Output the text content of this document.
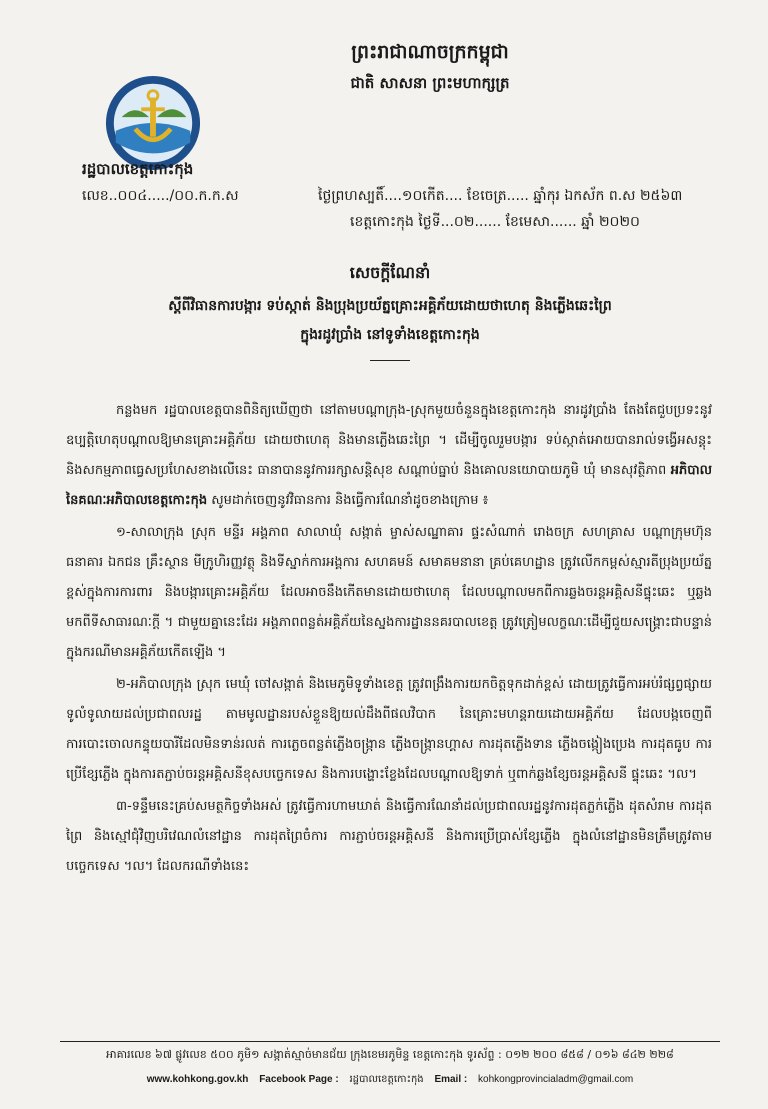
ព្រះរាជាណាចក្រកម្ពុជា
ជាតិ សាសនា ព្រះមហាក្សត្រ
រដ្ឋបាលខេត្តកោះកុង
លេខ..០០៤...../០០.ក.ក.ស	ថ្ងៃព្រហស្បតិ៍....១០កើត.... ខែចេត្រ..... ឆ្នាំកុរ ឯកស័ក ព.ស ២៥៦៣
ខេត្តកោះកុង ថ្ងៃទី...០២...... ខែមេសា...... ឆ្នាំ ២០២០
សេចក្តីណែនាំ
ស្តីពីវិធានការបង្ការ ទប់ស្កាត់ និងប្រុងប្រយ័ត្នគ្រោះអគ្គិភ័យដោយថាហេតុ និងភ្លើងឆេះព្រៃ
ក្នុងរដូវប្រាំង នៅទូទាំងខេត្តកោះកុង

កន្លងមក រដ្ឋបាលខេត្តបានពិនិត្យឃើញថា នៅតាមបណ្តាក្រុង-ស្រុកមួយចំនួនក្នុងខេត្តកោះកុង នារដូវប្រាំង តែងតែជួបប្រទះនូវឧប្បត្តិហេតុបណ្តាលឱ្យមានគ្រោះអគ្គិភ័យ ដោយថាហេតុ និងមានភ្លើងឆេះព្រៃ ។ ដើម្បីចូលរួមបង្ការ ទប់ស្កាត់អោយបានរាល់ទង្វើអសន្តុះ និងសកម្មភាពធ្វេសប្រហែសខាងលើនេះ ធានាបាននូវការរក្សាសន្តិសុខ សណ្តាប់ធ្នាប់ និងគោលនយោបាយភូមិ ឃុំ មានសុវត្ថិភាព អភិបាល នៃគណៈអភិបាលខេត្តកោះកុង សូមដាក់ចេញនូវវិធានការ និងធ្វើការណែនាំដូចខាងក្រោម ៖

១-សាលាក្រុង ស្រុក មន្ទីរ អង្គភាព សាលាឃុំ សង្កាត់ ម្ចាស់សណ្ឋាគារ ផ្ទះសំណាក់ រោងចក្រ សហគ្រាស បណ្តាក្រុមហ៊ុន ធនាគារ ឯកជន គ្រឹះស្ថាន មីក្រូហិរញ្ញវត្ថុ និងទីស្នាក់ការអង្គការ សហគមន៍ សមាគមនានា គ្រប់គេហដ្ឋាន ត្រូវលើកកម្ពស់ស្មារតីប្រុងប្រយ័ត្នខ្ពស់ក្នុងការការពារ និងបង្ការគ្រោះអគ្គិភ័យ ដែលអាចនឹងកើតមានដោយថាហេតុ ដែលបណ្តាលមកពីការឆ្លងចរន្តអគ្គិសនីផ្ទុះឆេះ ឬឆ្លងមកពីទីសាធារណៈក្តី ។ ជាមួយគ្នានេះដែរ អង្គភាពពន្លត់អគ្គិភ័យនៃស្នងការដ្ឋាននគរបាលខេត្ត ត្រូវត្រៀមលក្ខណៈដើម្បីជួយសង្គ្រោះជាបន្ទាន់ ក្នុងករណីមានអគ្គិភ័យកើតឡើង ។

២-អភិបាលក្រុង ស្រុក មេឃុំ ចៅសង្កាត់ និងមេភូមិទូទាំងខេត្ត ត្រូវពង្រឹងការយកចិត្តទុកដាក់ខ្ពស់ ដោយត្រូវធ្វើការអប់រំផ្សព្វផ្សាយទូលំទូលាយដល់ប្រជាពលរដ្ឋ តាមមូលដ្ឋានរបស់ខ្លួនឱ្យយល់ដឹងពីផលវិបាក នៃគ្រោះមហន្តរាយដោយអគ្គិភ័យ ដែលបង្កចេញពីការបោះចោលកន្ទុយបារីដែលមិនទាន់រលត់ ការភ្លេចពន្លត់ភ្លើងចង្ក្រាន ភ្លើងចង្ក្រានហ្គាស ការដុតភ្លើងទាន ភ្លើងចង្កៀងប្រេង ការដុតធូប ការប្រើខ្សែភ្លើង ក្នុងការតភ្ជាប់ចរន្តអគ្គិសនីខុសបច្ចេកទេស និងការបង្ហោះខ្លែងដែលបណ្តាលឱ្យទាក់ ឬពាក់ឆ្លងខ្សែចរន្តអគ្គិសនី ផ្ទុះឆេះ ។ល។

៣-ទន្ទឹមនេះគ្រប់សមត្ថកិច្ចទាំងអស់ ត្រូវធ្វើការហាមឃាត់ និងធ្វើការណែនាំដល់ប្រជាពលរដ្ឋនូវការដុតភ្លក់ភ្លើង ដុតសំរាម ការដុតព្រៃ និងស្មៅជុំវិញបរិវេណលំនៅដ្ឋាន ការដុតព្រៃចំការ ការភ្ជាប់ចរន្តអគ្គិសនី និងការប្រើប្រាស់ខ្សែភ្លើង ក្នុងលំនៅដ្ឋានមិនត្រឹមត្រូវតាមបច្ចេកទេស ។ល។ ដែលករណីទាំងនេះ

អាគារលេខ ៦៧ ផ្លូវលេខ ៥០០ ភូមិ១ សង្កាត់ស្មាច់មានជ័យ ក្រុងខេមរភូមិន្ទ ខេត្តកោះកុង ទូរស័ព្ទ : ០១២ ២០០ ៨៥៨ / ០១៦ ៨៤២ ២២៨
www.kohkong.gov.kh Facebook Page : រដ្ឋបាលខេត្តកោះកុង Email : kohkongprovincialadm@gmail.com
